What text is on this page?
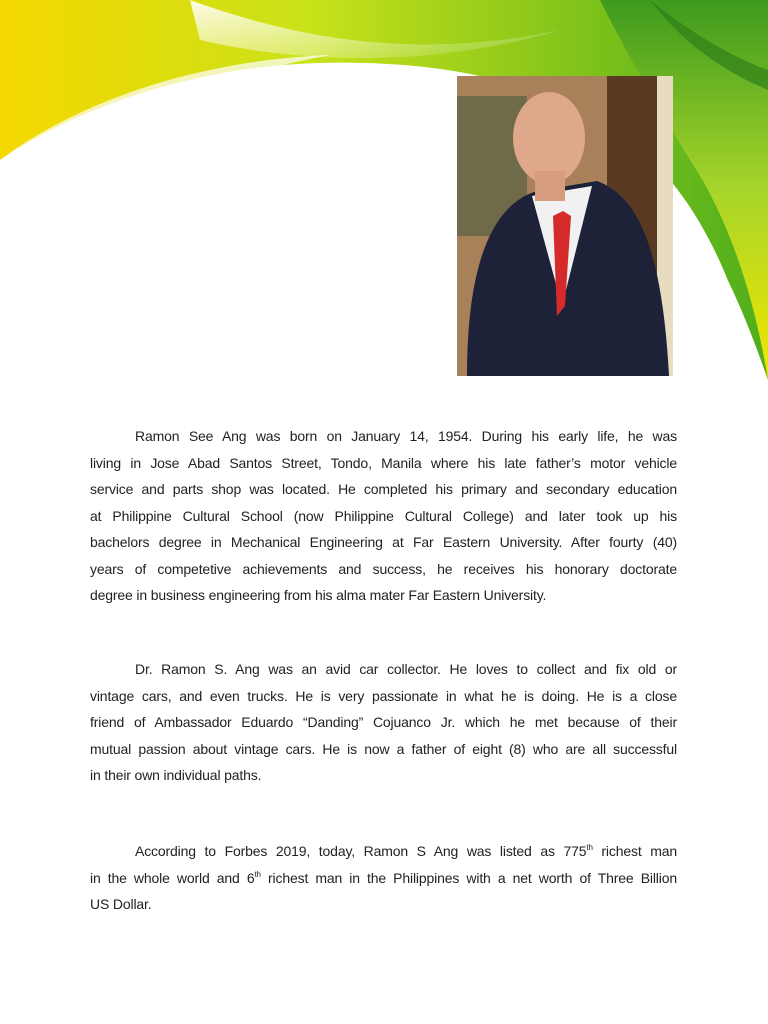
Ramon See Ang was born on January 14, 1954. During his early life, he was
living in Jose Abad Santos Street, Tondo, Manila where his late father’s motor vehicle
service and parts shop was located. He completed his primary and secondary education
at Philippine Cultural School (now Philippine Cultural College) and later took up his
bachelors degree in Mechanical Engineering at Far Eastern University. After fourty (40)
years of competetive achievements and success, he receives his honorary doctorate
degree in business engineering from his alma mater Far Eastern University.
Dr. Ramon S. Ang was an avid car collector. He loves to collect and fix old or
vintage cars, and even trucks. He is very passionate in what he is doing. He is a close
friend of Ambassador Eduardo “Danding” Cojuanco Jr. which he met because of their
mutual passion about vintage cars. He is now a father of eight (8) who are all successful
in their own individual paths.
According to Forbes 2019, today, Ramon S Ang was listed as 775th richest man
in the whole world and 6th richest man in the Philippines with a net worth of Three Billion
US Dollar.
